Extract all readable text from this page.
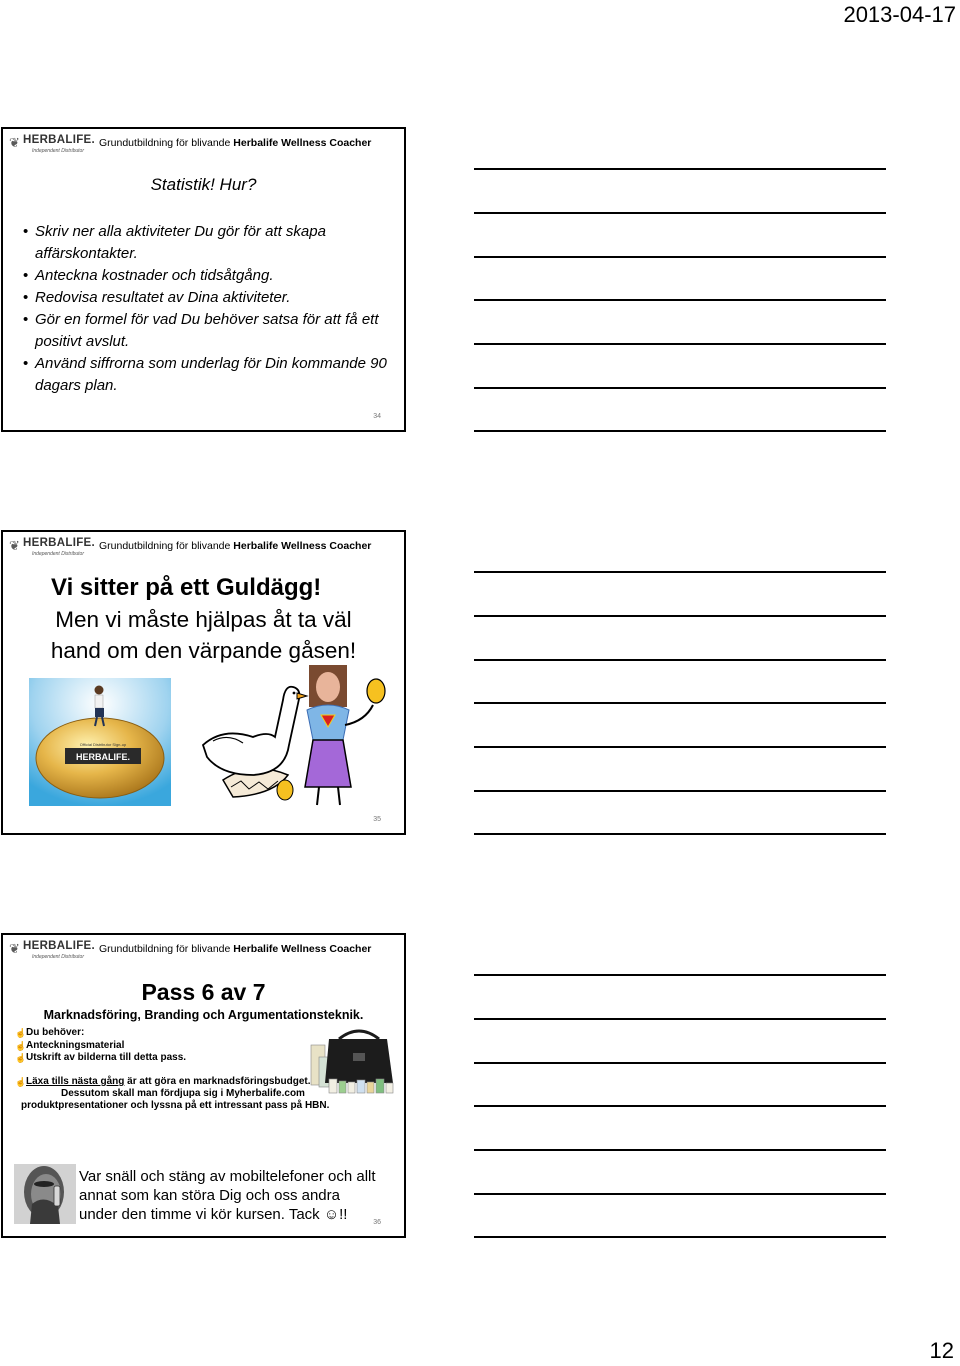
2013-04-17
❦ HERBALIFE.
Independent Distributor
Grundutbildning för blivande Herbalife Wellness Coacher
Statistik! Hur?
• Skriv ner alla aktiviteter Du gör för att skapa affärskontakter.
• Anteckna kostnader och tidsåtgång.
• Redovisa resultatet av Dina aktiviteter.
• Gör en formel för vad Du behöver satsa för att få ett positivt avslut.
• Använd siffrorna som underlag för Din kommande 90 dagars plan.
34
❦ HERBALIFE.
Independent Distributor
Grundutbildning för blivande Herbalife Wellness Coacher
Vi sitter på ett Guldägg!
Men vi måste hjälpas åt ta väl
hand om den värpande gåsen!
HERBALIFE.
Official Distributor Sign-up
35
❦ HERBALIFE.
Independent Distributor
Grundutbildning för blivande Herbalife Wellness Coacher
Pass 6 av 7
Marknadsföring, Branding och Argumentationsteknik.
☝ Du behöver:
☝ Anteckningsmaterial
☝ Utskrift av bilderna till detta pass.
☝ Läxa tills nästa gång är att göra en marknadsföringsbudget.
Dessutom skall man fördjupa sig i Myherbalife.com
produktpresentationer och lyssna på ett intressant pass på HBN.
Var snäll och stäng av mobiltelefoner och allt
annat som kan störa Dig och oss andra
under den timme vi kör kursen. Tack ☺!!	36
12
